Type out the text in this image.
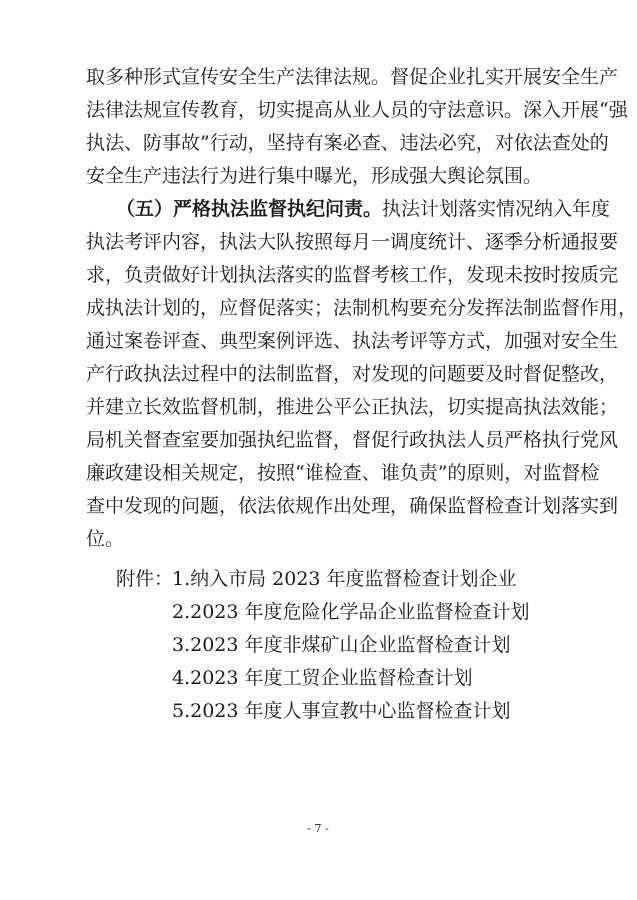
取多种形式宣传安全生产法律法规。督促企业扎实开展安全生产
法律法规宣传教育，切实提高从业人员的守法意识。深入开展“强
执法、防事故”行动，坚持有案必查、违法必究，对依法查处的
安全生产违法行为进行集中曝光，形成强大舆论氛围。
（五）严格执法监督执纪问责。执法计划落实情况纳入年度
执法考评内容，执法大队按照每月一调度统计、逐季分析通报要
求，负责做好计划执法落实的监督考核工作，发现未按时按质完
成执法计划的，应督促落实；法制机构要充分发挥法制监督作用，
通过案卷评查、典型案例评选、执法考评等方式，加强对安全生
产行政执法过程中的法制监督，对发现的问题要及时督促整改，
并建立长效监督机制，推进公平公正执法，切实提高执法效能；
局机关督查室要加强执纪监督，督促行政执法人员严格执行党风
廉政建设相关规定，按照“谁检查、谁负责”的原则，对监督检
查中发现的问题，依法依规作出处理，确保监督检查计划落实到
位。
附件：
1.纳入市局 2023 年度监督检查计划企业
2.2023 年度危险化学品企业监督检查计划
3.2023 年度非煤矿山企业监督检查计划
4.2023 年度工贸企业监督检查计划
5.2023 年度人事宣教中心监督检查计划
- 7 -
